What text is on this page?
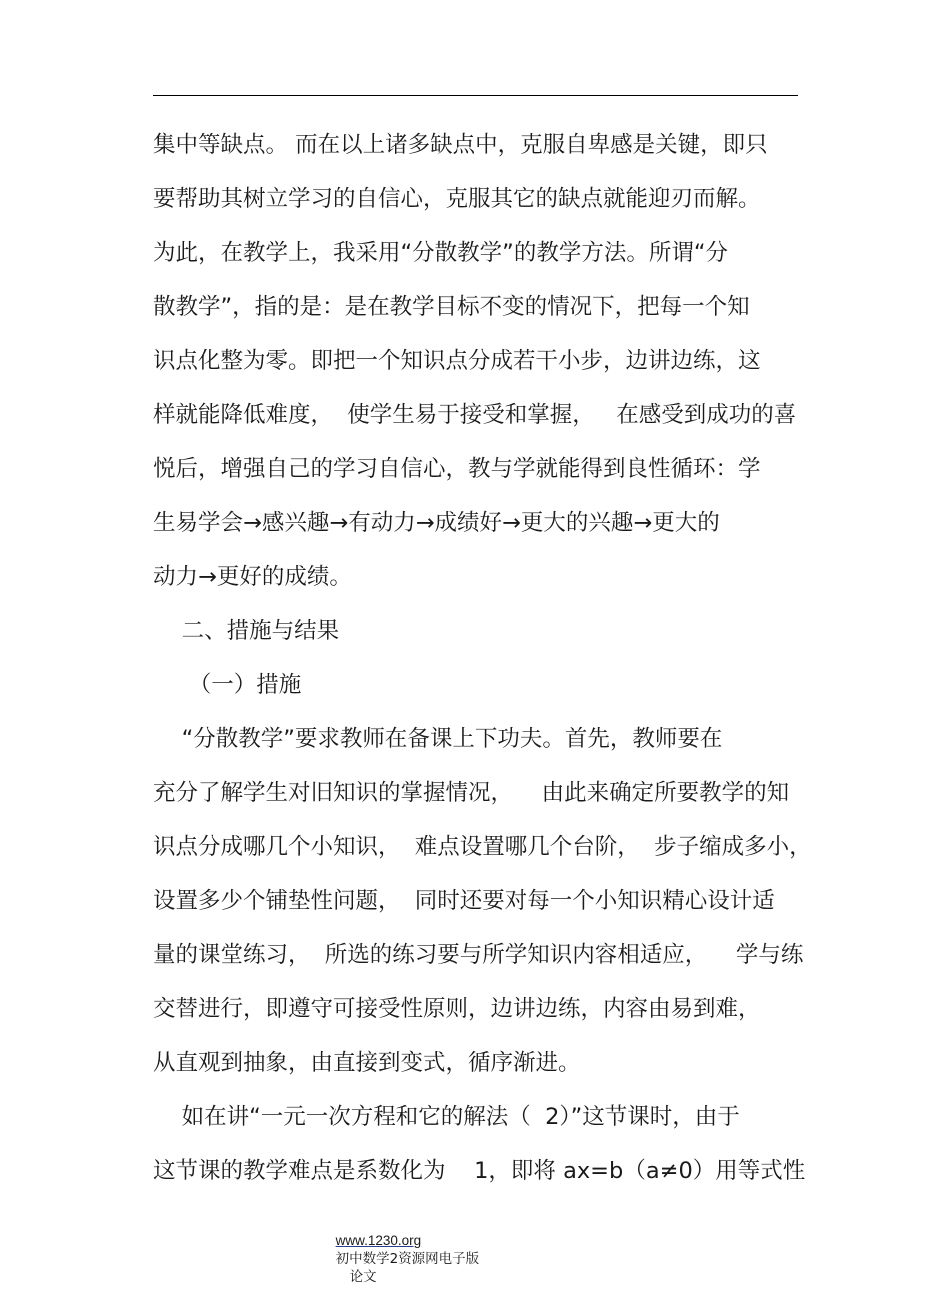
集中等缺点。 而在以上诸多缺点中，克服自卑感是关键，即只
要帮助其树立学习的自信心，克服其它的缺点就能迎刃而解。
为此，在教学上，我采用“分散教学”的教学方法。所谓“分
散教学”，指的是：是在教学目标不变的情况下，把每一个知
识点化整为零。即把一个知识点分成若干小步，边讲边练，这
样就能降低难度，  使学生易于接受和掌握，   在感受到成功的喜
悦后，增强自己的学习自信心，教与学就能得到良性循环：学
生易学会→感兴趣→有动力→成绩好→更大的兴趣→更大的
动力→更好的成绩。
二、措施与结果
（一）措施
“分散教学”要求教师在备课上下功夫。首先，教师要在
充分了解学生对旧知识的掌握情况，    由此来确定所要教学的知
识点分成哪几个小知识，  难点设置哪几个台阶，  步子缩成多小，
设置多少个铺垫性问题，  同时还要对每一个小知识精心设计适
量的课堂练习，  所选的练习要与所学知识内容相适应，    学与练
交替进行，即遵守可接受性原则，边讲边练，内容由易到难，
从直观到抽象，由直接到变式，循序渐进。
如在讲“一元一次方程和它的解法（  2）”这节课时，由于
这节课的教学难点是系数化为    1，即将 ax=b（a≠0）用等式性

www.1230.org
初中数学2资源网电子版
论文
